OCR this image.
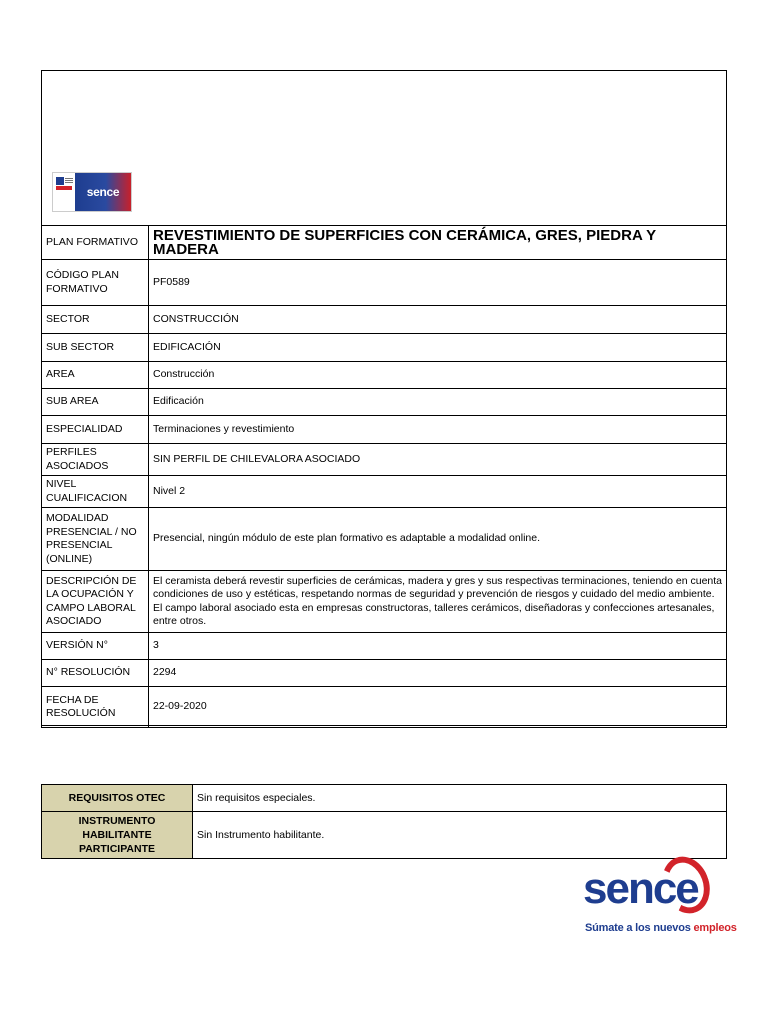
sence
PLAN FORMATIVO	REVESTIMIENTO DE SUPERFICIES CON CERÁMICA, GRES, PIEDRA Y MADERA
CÓDIGO PLAN FORMATIVO	PF0589
SECTOR	CONSTRUCCIÓN
SUB SECTOR	EDIFICACIÓN
AREA	Construcción
SUB AREA	Edificación
ESPECIALIDAD	Terminaciones y revestimiento
PERFILES ASOCIADOS	SIN PERFIL DE CHILEVALORA ASOCIADO
NIVEL CUALIFICACION	Nivel 2
MODALIDAD PRESENCIAL / NO PRESENCIAL (ONLINE)	Presencial, ningún módulo de este plan formativo es adaptable a modalidad online.
DESCRIPCIÓN DE LA OCUPACIÓN Y CAMPO LABORAL ASOCIADO	El ceramista deberá revestir superficies de cerámicas, madera y gres y sus respectivas terminaciones, teniendo en cuenta condiciones de uso y estéticas, respetando normas de seguridad y prevención de riesgos y cuidado del medio ambiente. El campo laboral asociado esta en empresas constructoras, talleres cerámicos, diseñadoras y confecciones artesanales, entre otros.
VERSIÓN N°	3
N° RESOLUCIÓN	2294
FECHA DE RESOLUCIÓN	22-09-2020
REQUISITOS OTEC	Sin requisitos especiales.
INSTRUMENTO HABILITANTE PARTICIPANTE	Sin Instrumento habilitante.
sence
Súmate a los nuevos empleos
